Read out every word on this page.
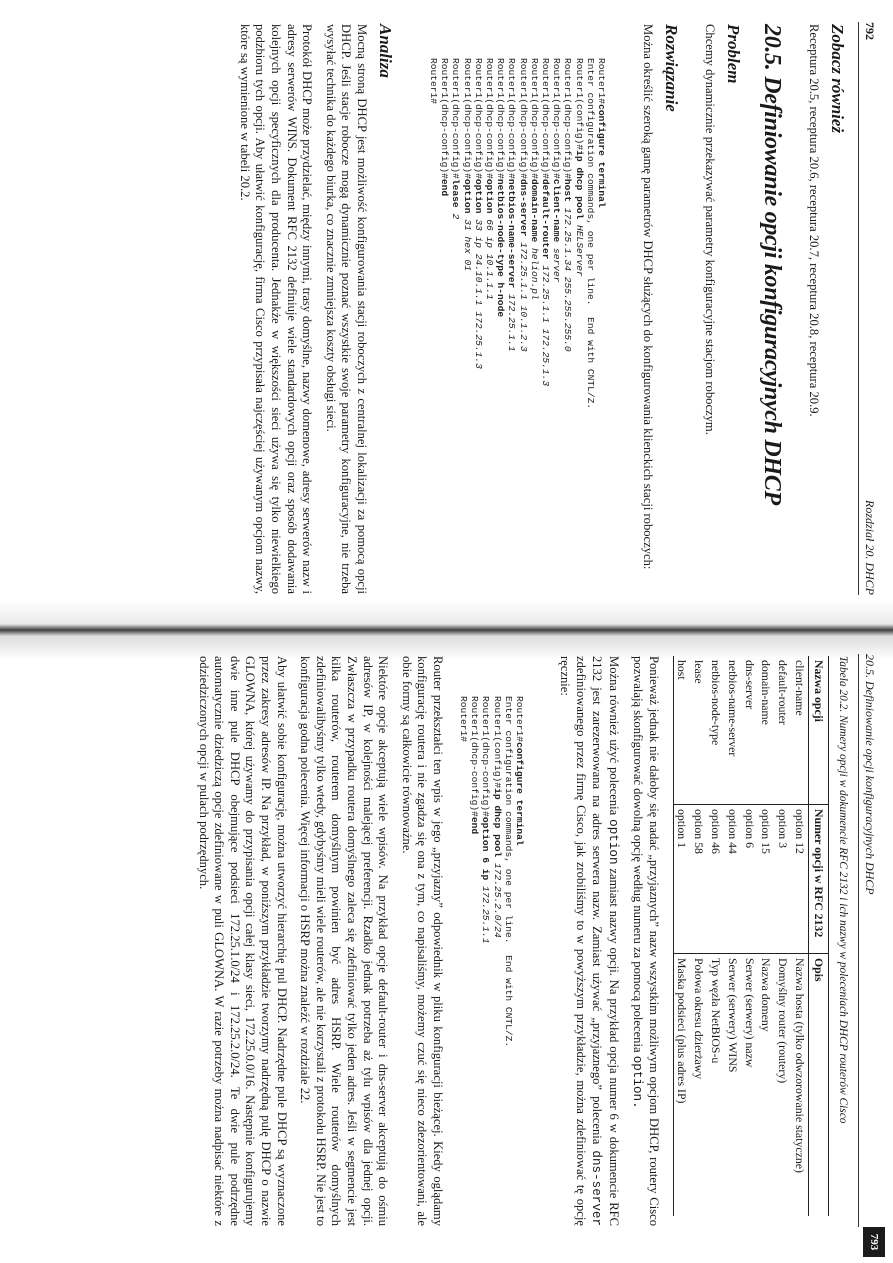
792
Rozdział 20. DHCP
Zobacz również

Receptura 20.5, receptura 20.6, receptura 20.7, receptura 20.8, receptura 20.9.

20.5. Definiowanie opcji konfiguracyjnych DHCP
Problem

Chcemy dynamicznie przekazywać parametry konfiguracyjne stacjom roboczym.

Rozwiązanie

Można określić szeroką gamę parametrów DHCP służących do konfigurowania klienckich stacji roboczych:

Router1#configure terminal
Enter configuration commands, one per line.  End with CNTL/Z.
Router1(config)#ip dhcp pool HELServer
Router1(dhcp-config)#host 172.25.1.34 255.255.255.0
Router1(dhcp-config)#client-name server
Router1(dhcp-config)#default-router 172.25.1.1 172.25.1.3
Router1(dhcp-config)#domain-name helion.pl
Router1(dhcp-config)#dns-server 172.25.1.1 10.1.2.3
Router1(dhcp-config)#netbios-name-server 172.25.1.1
Router1(dhcp-config)#netbios-node-type h-node
Router1(dhcp-config)#option 66 ip 10.1.1.1
Router1(dhcp-config)#option 33 ip 24.10.1.1 172.25.1.3
Router1(dhcp-config)#option 31 hex 01
Router1(dhcp-config)#lease 2
Router1(dhcp-config)#end
Router1#
Analiza

Mocną stroną DHCP jest możliwość konfigurowania stacji roboczych z centralnej lokalizacji za pomocą opcji DHCP. Jeśli stacje robocze mogą dynamicznie poznać wszystkie swoje parametry konfiguracyjne, nie trzeba wysyłać technika do każdego biurka, co znacznie zmniejsza koszty obsługi sieci.

Protokół DHCP może przydzielać, między innymi, trasy domyślne, nazwy domenowe, adresy serwerów nazw i adresy serwerów WINS. Dokument RFC 2132 definiuje wiele standardowych opcji oraz sposób dodawania kolejnych opcji specyficznych dla producenta. Jednakże w większości sieci używa się tylko niewielkiego podzbioru tych opcji. Aby ułatwić konfigurację, firma Cisco przypisała najczęściej używanym opcjom nazwy, które są wymienione w tabeli 20.2.

20.5. Definiowanie opcji konfiguracyjnych DHCP
793
Tabela 20.2. Numery opcji w dokumencie RFC 2132 i ich nazwy w poleceniach DHCP routerów Cisco
Nazwa opcji	Numer opcji w RFC 2132	Opis
client-name	option 12	Nazwa hosta (tylko odwzorowanie statyczne)
default-router	option 3	Domyślny router (routery)
domain-name	option 15	Nazwa domeny
dns-server	option 6	Serwer (serwery) nazw
netbios-name-server	option 44	Serwer (serwery) WINS
netbios-node-type	option 46	Typ węzła NetBIOS-u
lease	option 58	Połowa okresu dzierżawy
host	option 1	Maska podsieci (plus adres IP)

Ponieważ jednak nie dałoby się nadać „przyjaznych” nazw wszystkim możliwym opcjom DHCP, routery Cisco pozwalają skonfigurować dowolną opcję według numeru za pomocą polecenia option.

Można również użyć polecenia option zamiast nazwy opcji. Na przykład opcja numer 6 w dokumencie RFC 2132 jest zarezerwowana na adres serwera nazw. Zamiast używać „przyjaznego” polecenia dns-server zdefiniowanego przez firmę Cisco, jak zrobiliśmy to w powyższym przykładzie, można zdefiniować tę opcję ręcznie:

Router1#configure terminal
Enter configuration commands, one per line.  End with CNTL/Z.
Router1(config)#ip dhcp pool 172.25.2.0/24
Router1(dhcp-config)#option 6 ip 172.25.1.1
Router1(dhcp-config)#end
Router1#

Router przekształci ten wpis w jego „przyjazny” odpowiednik w pliku konfiguracji bieżącej. Kiedy oglądamy konfigurację routera i nie zgadza się ona z tym, co napisaliśmy, możemy czuć się nieco zdezorientowani, ale obie formy są całkowicie równoważne.

Niektóre opcje akceptują wiele wpisów. Na przykład opcje default-router i dns-server akceptują do ośmiu adresów IP, w kolejności malejącej preferencji. Rzadko jednak potrzeba aż tylu wpisów dla jednej opcji. Zwłaszcza w przypadku routera domyślnego zaleca się zdefiniować tylko jeden adres. Jeśli w segmencie jest kilka routerów, routerem domyślnym powinien być adres HSRP. Wiele routerów domyślnych zdefiniowalibyśmy tylko wtedy, gdybyśmy mieli wiele routerów, ale nie korzystali z protokołu HSRP. Nie jest to konfiguracja godna polecenia. Więcej informacji o HSRP można znaleźć w rozdziale 22.

Aby ułatwić sobie konfigurację, można utworzyć hierarchię pul DHCP. Nadrzędne pule DHCP są wyznaczone przez zakresy adresów IP. Na przykład, w poniższym przykładzie tworzymy nadrzędną pulę DHCP o nazwie GLOWNA, której używamy do przypisania opcji całej klasy sieci, 172.25.0.0/16. Następnie konfigurujemy dwie inne pule DHCP obejmujące podsieci 172.25.1.0/24 i 172.25.2.0/24. Te dwie pule podrzędne automatycznie dziedziczą opcje zdefiniowane w puli GLOWNA. W razie potrzeby można nadpisać niektóre z odziedziczonych opcji w pulach podrzędnych.
